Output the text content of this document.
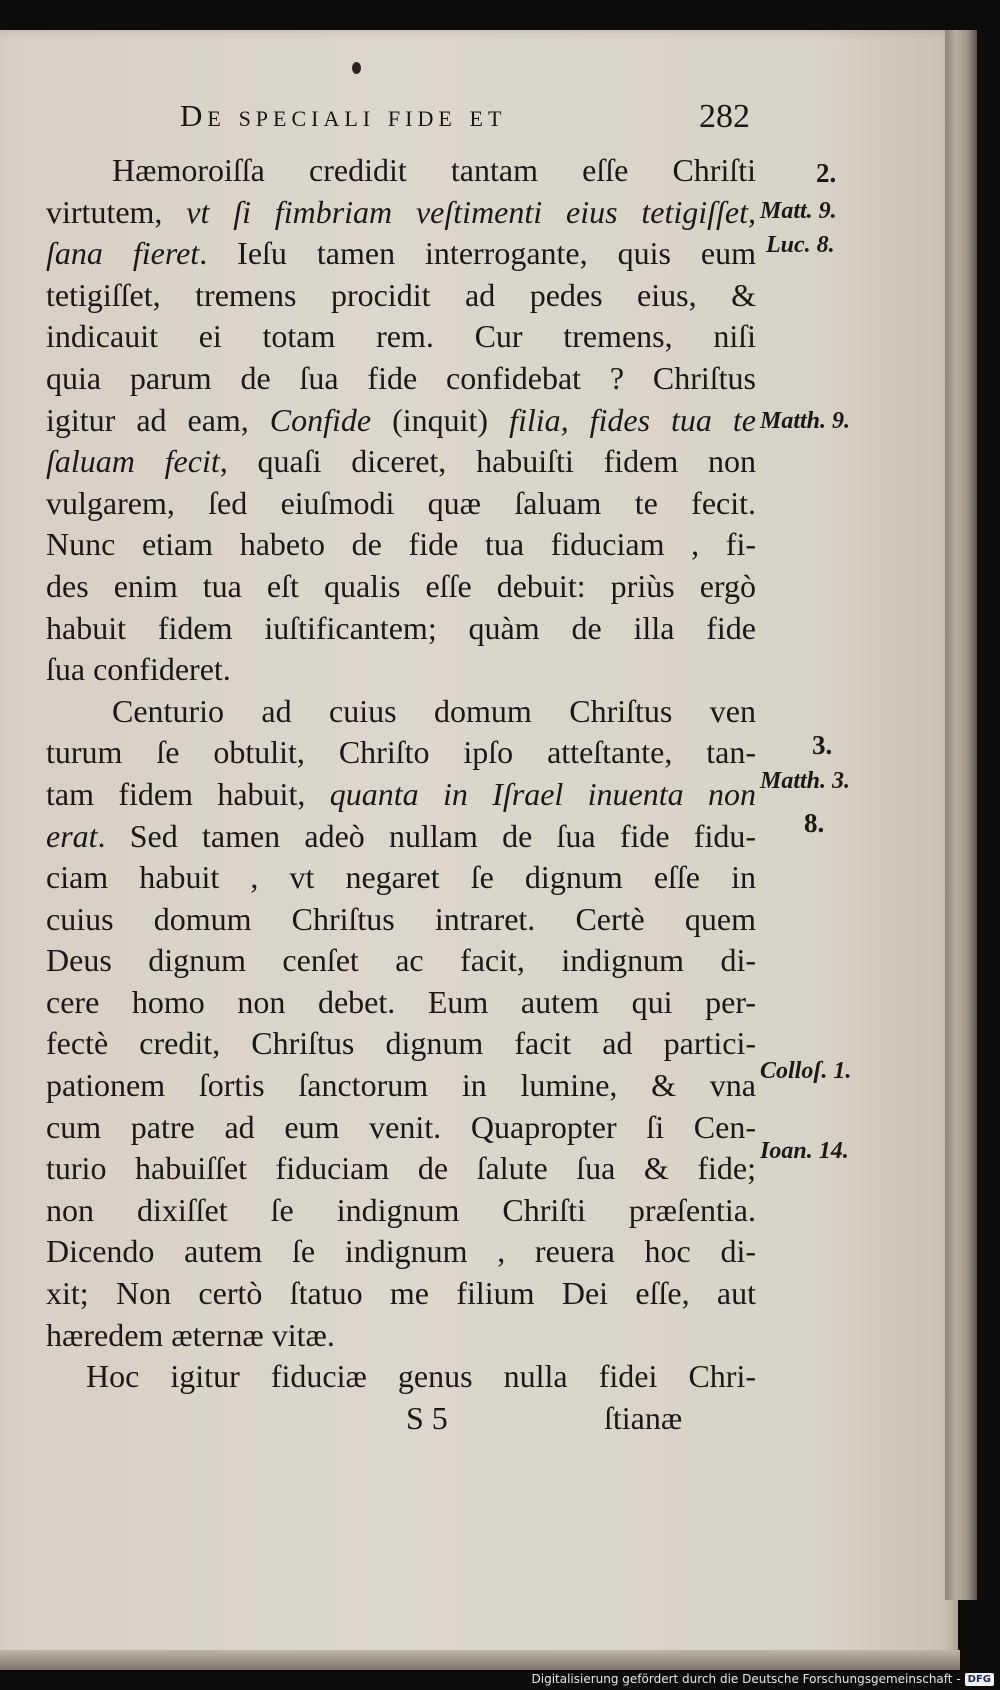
De speciali fide et	282
Hæmoroiſſa credidit tantam eſſe Chriſti
virtutem, vt ſi fimbriam veſtimenti eius tetigiſſet,
ſana fieret. Ieſu tamen interrogante, quis eum
tetigiſſet, tremens procidit ad pedes eius, &
indicauit ei totam rem. Cur tremens, niſi
quia parum de ſua fide confidebat ? Chriſtus
igitur ad eam, Confide (inquit) filia, fides tua te
ſaluam fecit, quaſi diceret, habuiſti fidem non
vulgarem, ſed eiuſmodi quæ ſaluam te fecit.
Nunc etiam habeto de fide tua fiduciam , fi-
des enim tua eſt qualis eſſe debuit: priùs ergò
habuit fidem iuſtificantem; quàm de illa fide
ſua confideret.
Centurio ad cuius domum Chriſtus ven
turum ſe obtulit, Chriſto ipſo atteſtante, tan-
tam fidem habuit, quanta in Iſrael inuenta non
erat. Sed tamen adeò nullam de ſua fide fidu-
ciam habuit , vt negaret ſe dignum eſſe in
cuius domum Chriſtus intraret. Certè quem
Deus dignum cenſet ac facit, indignum di-
cere homo non debet. Eum autem qui per-
fectè credit, Chriſtus dignum facit ad partici-
pationem ſortis ſanctorum in lumine, & vna
cum patre ad eum venit. Quapropter ſi Cen-
turio habuiſſet fiduciam de ſalute ſua & fide;
non dixiſſet ſe indignum Chriſti præſentia.
Dicendo autem ſe indignum , reuera hoc di-
xit; Non certò ſtatuo me filium Dei eſſe, aut
hæredem æternæ vitæ.
Hoc igitur fiduciæ genus nulla fidei Chri-
S 5	ſtianæ
2.
Matt. 9.
Luc. 8.
Matth. 9.
3.
Matth. 3.
8.
Colloſ. 1.
Ioan. 14.
Digitalisierung gefördert durch die Deutsche Forschungsgemeinschaft - DFG
